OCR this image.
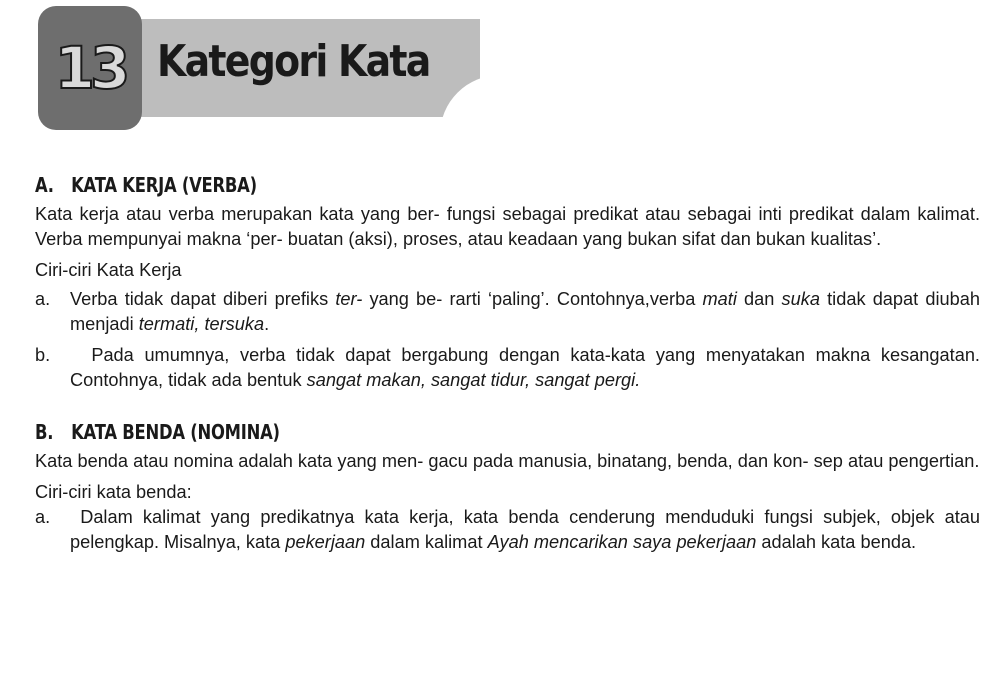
13 Kategori Kata
A. KATA KERJA (VERBA)

Kata kerja atau verba merupakan kata yang ber- fungsi sebagai predikat atau sebagai inti predikat dalam kalimat. Verba mempunyai makna ‘per- buatan (aksi), proses, atau keadaan yang bukan sifat dan bukan kualitas’.

Ciri-ciri Kata Kerja

a.	Verba tidak dapat diberi prefiks ter- yang be- rarti ‘paling’. Contohnya,verba mati dan suka tidak dapat diubah menjadi termati, tersuka.
b.	Pada umumnya, verba tidak dapat bergabung dengan kata-kata yang menyatakan makna kesangatan. Contohnya, tidak ada bentuk sangat makan, sangat tidur, sangat pergi.
B. KATA BENDA (NOMINA)

Kata benda atau nomina adalah kata yang men- gacu pada manusia, binatang, benda, dan kon- sep atau pengertian.

Ciri-ciri kata benda:

a.	Dalam kalimat yang predikatnya kata kerja, kata benda cenderung menduduki fungsi subjek, objek atau pelengkap. Misalnya, kata pekerjaan dalam kalimat Ayah mencarikan saya pekerjaan adalah kata benda.
